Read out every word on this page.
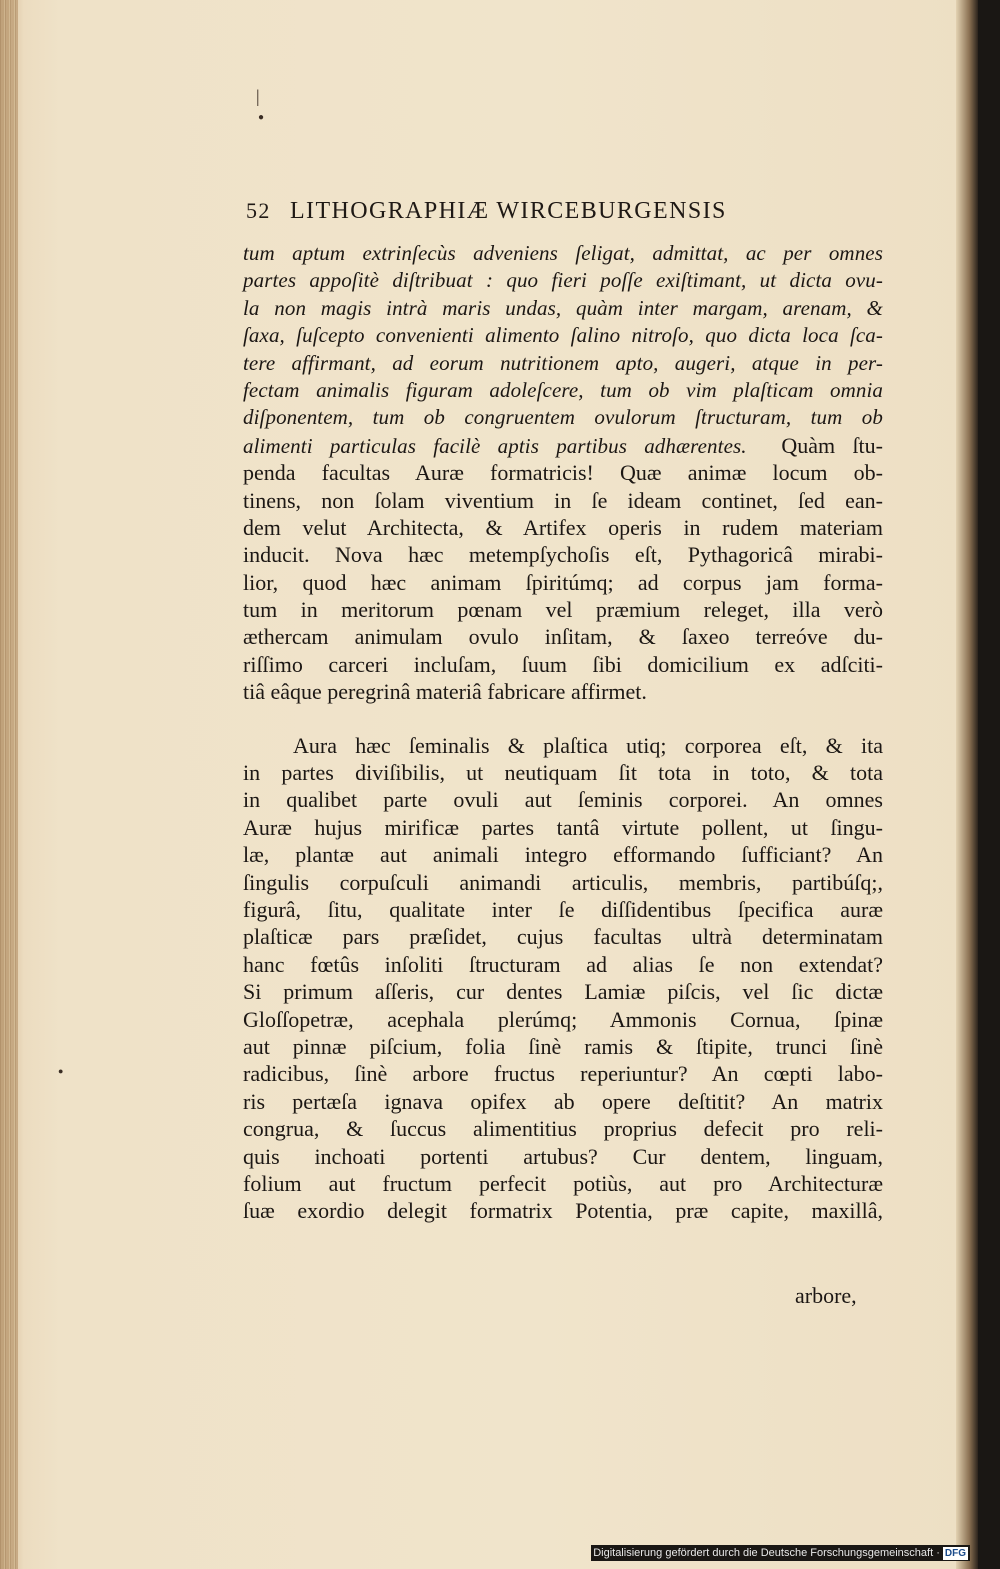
|
●
●

52 LITHOGRAPHIÆ WIRCEBURGENSIS
tum aptum extrinſecùs adveniens ſeligat, admittat, ac per omnes
partes appoſitè diſtribuat : quo fieri poſſe exiſtimant, ut dicta ovu-
la non magis intrà maris undas, quàm inter margam, arenam, &
ſaxa, ſuſcepto convenienti alimento ſalino nitroſo, quo dicta loca ſca-
tere affirmant, ad eorum nutritionem apto, augeri, atque in per-
fectam animalis figuram adoleſcere, tum ob vim plaſticam omnia
diſponentem, tum ob congruentem ovulorum ſtructuram, tum ob
alimenti particulas facilè aptis partibus adhærentes. Quàm ſtu-
penda facultas Auræ formatricis! Quæ animæ locum ob-
tinens, non ſolam viventium in ſe ideam continet, ſed ean-
dem velut Architecta, & Artifex operis in rudem materiam
inducit. Nova hæc metempſychoſis eſt, Pythagoricâ mirabi-
lior, quod hæc animam ſpiritúmq; ad corpus jam forma-
tum in meritorum pœnam vel præmium releget, illa verò
æthercam animulam ovulo inſitam, & ſaxeo terreóve du-
riſſimo carceri incluſam, ſuum ſibi domicilium ex adſciti-
tiâ eâque peregrinâ materiâ fabricare affirmet.
Aura hæc ſeminalis & plaſtica utiq; corporea eſt, & ita
in partes diviſibilis, ut neutiquam ſit tota in toto, & tota
in qualibet parte ovuli aut ſeminis corporei. An omnes
Auræ hujus mirificæ partes tantâ virtute pollent, ut ſingu-
læ, plantæ aut animali integro efformando ſufficiant? An
ſingulis corpuſculi animandi articulis, membris, partibúſq;,
figurâ, ſitu, qualitate inter ſe diſſidentibus ſpecifica auræ
plaſticæ pars præſidet, cujus facultas ultrà determinatam
hanc fœtûs inſoliti ſtructuram ad alias ſe non extendat?
Si primum aſſeris, cur dentes Lamiæ piſcis, vel ſic dictæ
Gloſſopetræ, acephala plerúmq; Ammonis Cornua, ſpinæ
aut pinnæ piſcium, folia ſinè ramis & ſtipite, trunci ſinè
radicibus, ſinè arbore fructus reperiuntur? An cœpti labo-
ris pertæſa ignava opifex ab opere deſtitit? An matrix
congrua, & ſuccus alimentitius proprius defecit pro reli-
quis inchoati portenti artubus? Cur dentem, linguam,
folium aut fructum perfecit potiùs, aut pro Architecturæ
ſuæ exordio delegit formatrix Potentia, præ capite, maxillâ,
arbore,
Digitalisierung gefördert durch die Deutsche Forschungsgemeinschaft · DFG
